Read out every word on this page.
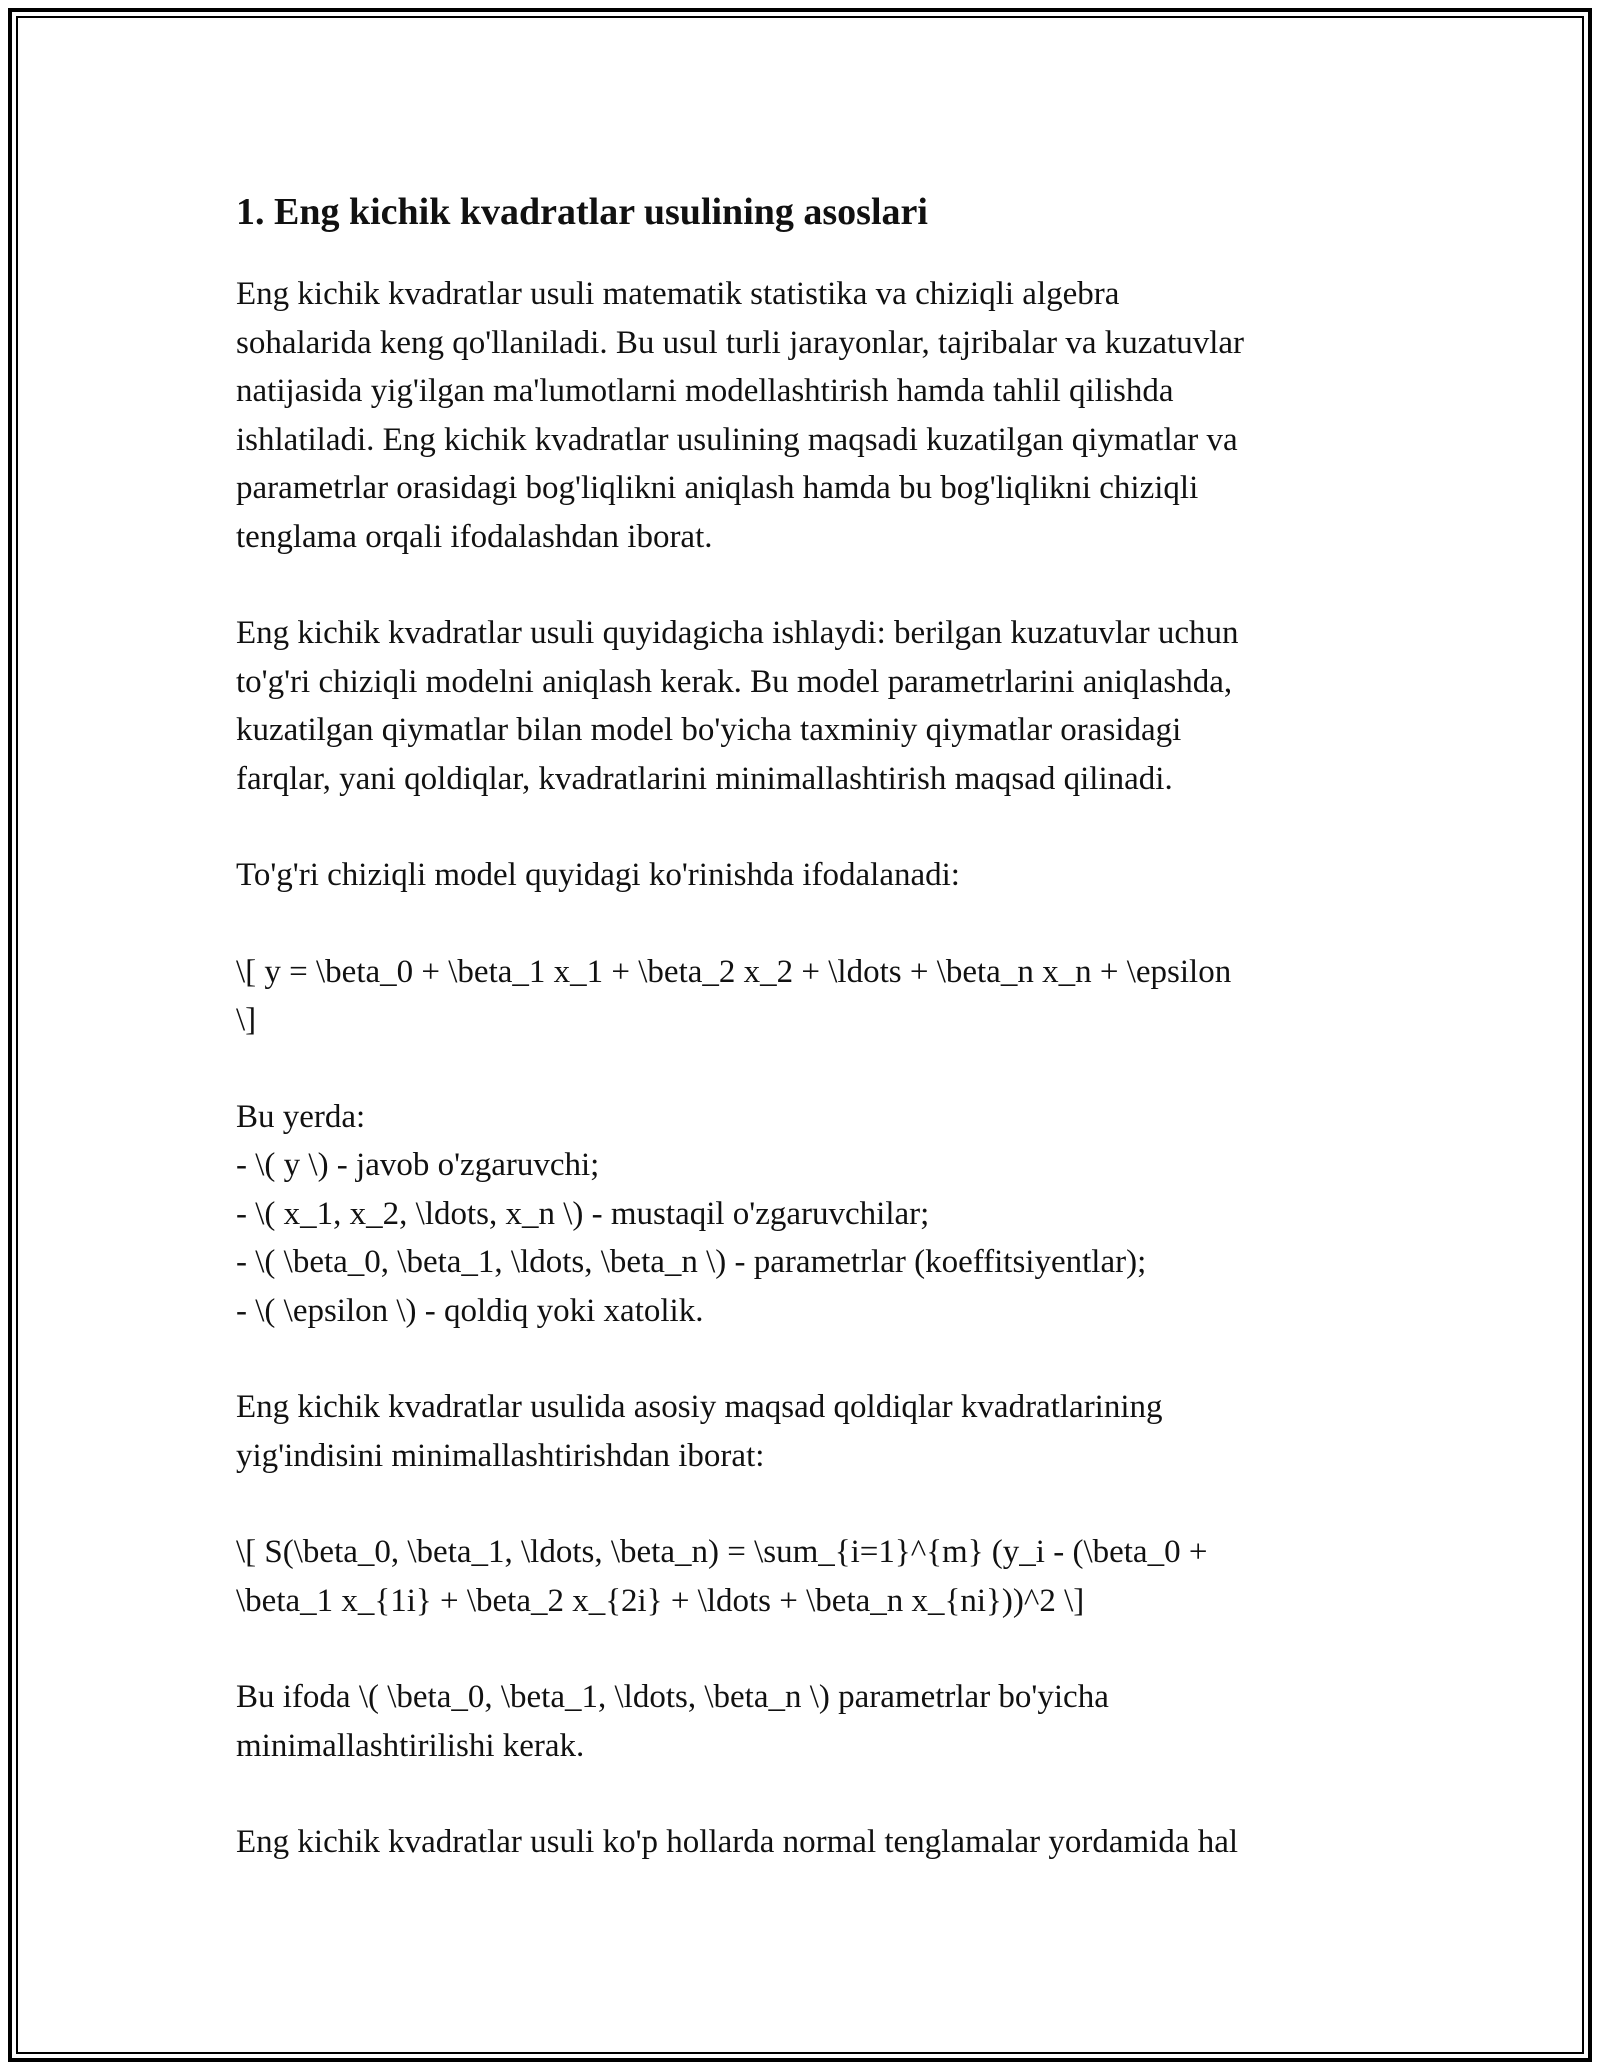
1. Eng kichik kvadratlar usulining asoslari

Eng kichik kvadratlar usuli matematik statistika va chiziqli algebra
sohalarida keng qo'llaniladi. Bu usul turli jarayonlar, tajribalar va kuzatuvlar
natijasida yig'ilgan ma'lumotlarni modellashtirish hamda tahlil qilishda
ishlatiladi. Eng kichik kvadratlar usulining maqsadi kuzatilgan qiymatlar va
parametrlar orasidagi bog'liqlikni aniqlash hamda bu bog'liqlikni chiziqli
tenglama orqali ifodalashdan iborat.

Eng kichik kvadratlar usuli quyidagicha ishlaydi: berilgan kuzatuvlar uchun
to'g'ri chiziqli modelni aniqlash kerak. Bu model parametrlarini aniqlashda,
kuzatilgan qiymatlar bilan model bo'yicha taxminiy qiymatlar orasidagi
farqlar, yani qoldiqlar, kvadratlarini minimallashtirish maqsad qilinadi.

To'g'ri chiziqli model quyidagi ko'rinishda ifodalanadi:

\[ y = \beta_0 + \beta_1 x_1 + \beta_2 x_2 + \ldots + \beta_n x_n + \epsilon
\]

Bu yerda:
- \( y \) - javob o'zgaruvchi;
- \( x_1, x_2, \ldots, x_n \) - mustaqil o'zgaruvchilar;
- \( \beta_0, \beta_1, \ldots, \beta_n \) - parametrlar (koeffitsiyentlar);
- \( \epsilon \) - qoldiq yoki xatolik.

Eng kichik kvadratlar usulida asosiy maqsad qoldiqlar kvadratlarining
yig'indisini minimallashtirishdan iborat:

\[ S(\beta_0, \beta_1, \ldots, \beta_n) = \sum_{i=1}^{m} (y_i - (\beta_0 +
\beta_1 x_{1i} + \beta_2 x_{2i} + \ldots + \beta_n x_{ni}))^2 \]

Bu ifoda \( \beta_0, \beta_1, \ldots, \beta_n \) parametrlar bo'yicha
minimallashtirilishi kerak.

Eng kichik kvadratlar usuli ko'p hollarda normal tenglamalar yordamida hal
